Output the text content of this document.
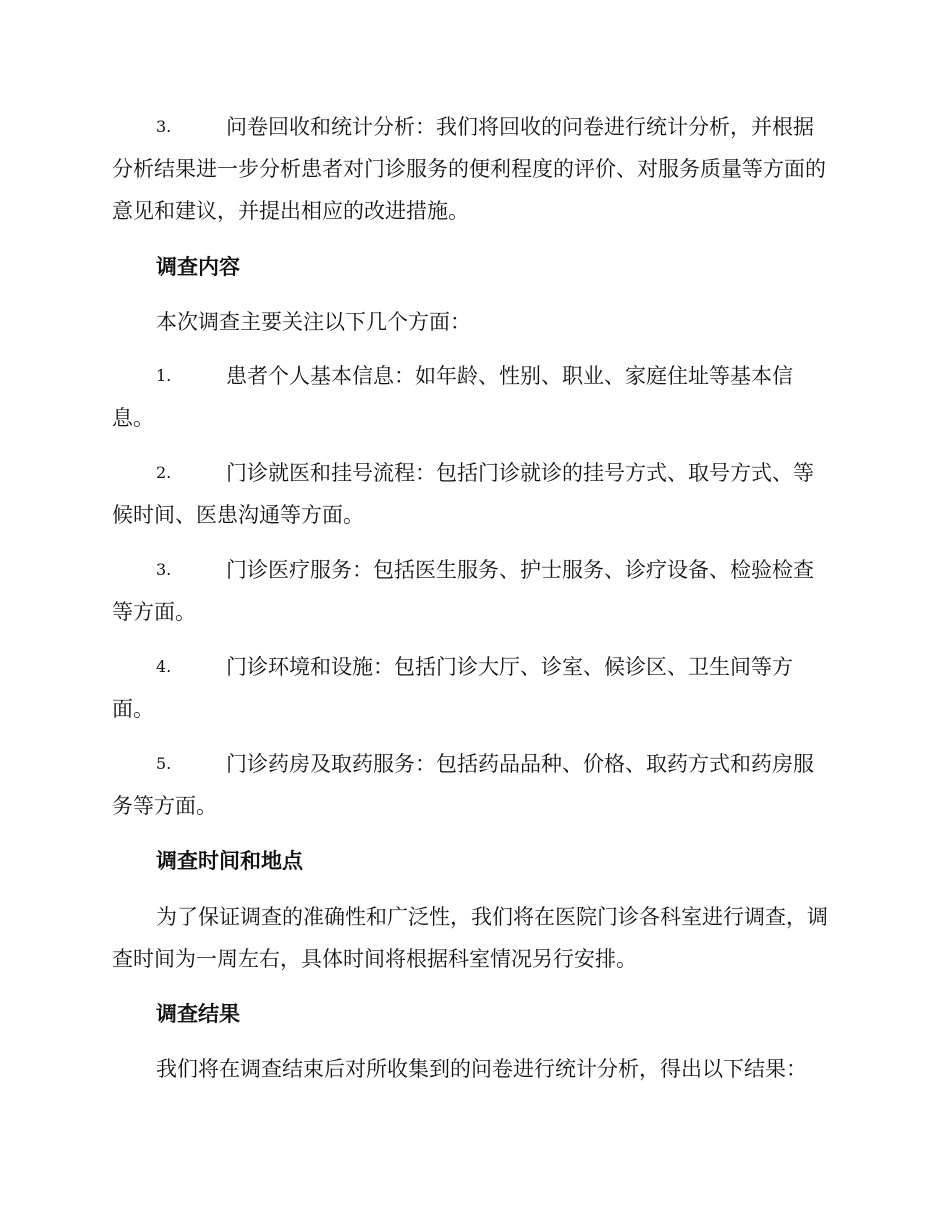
3.	问卷回收和统计分析：我们将回收的问卷进行统计分析，并根据分析结果进一步分析患者对门诊服务的便利程度的评价、对服务质量等方面的意见和建议，并提出相应的改进措施。

调查内容

本次调查主要关注以下几个方面：

1.	患者个人基本信息：如年龄、性别、职业、家庭住址等基本信息。

2.	门诊就医和挂号流程：包括门诊就诊的挂号方式、取号方式、等候时间、医患沟通等方面。

3.	门诊医疗服务：包括医生服务、护士服务、诊疗设备、检验检查等方面。

4.	门诊环境和设施：包括门诊大厅、诊室、候诊区、卫生间等方面。

5.	门诊药房及取药服务：包括药品品种、价格、取药方式和药房服务等方面。

调查时间和地点

为了保证调查的准确性和广泛性，我们将在医院门诊各科室进行调查，调查时间为一周左右，具体时间将根据科室情况另行安排。

调查结果

我们将在调查结束后对所收集到的问卷进行统计分析，得出以下结果：
